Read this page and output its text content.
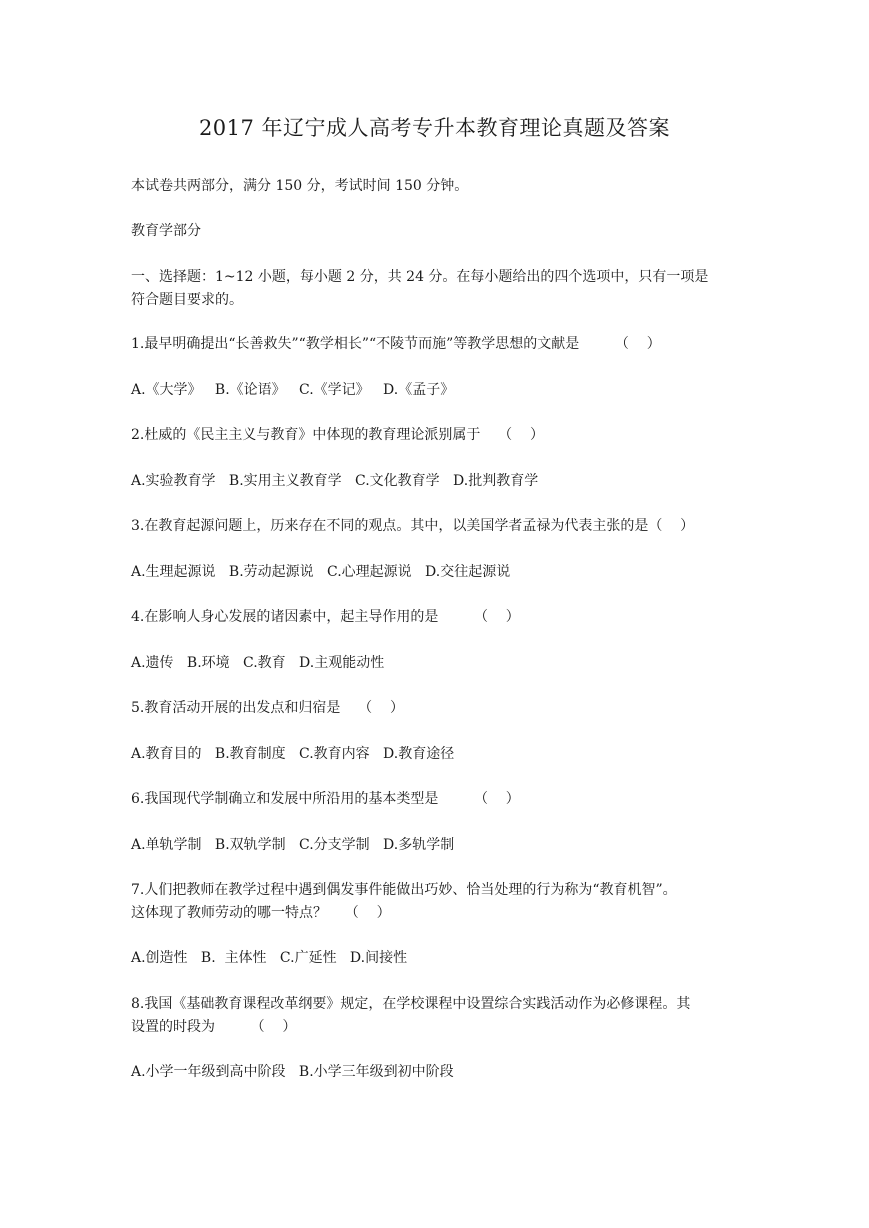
2017 年辽宁成人高考专升本教育理论真题及答案
本试卷共两部分，满分 150 分，考试时间 150 分钟。
教育学部分
一、选择题：1~12 小题，每小题 2 分，共 24 分。在每小题给出的四个选项中，只有一项是
符合题目要求的。
1.最早明确提出“长善救失”“教学相长”“不陵节而施”等教学思想的文献是        （    ）
A.《大学》   B.《论语》   C.《学记》   D.《孟子》
2.杜威的《民主主义与教育》中体现的教育理论派别属于    （    ）
A.实验教育学   B.实用主义教育学   C.文化教育学   D.批判教育学
3.在教育起源问题上，历来存在不同的观点。其中，以美国学者孟禄为代表主张的是（    ）
A.生理起源说   B.劳动起源说   C.心理起源说   D.交往起源说
4.在影响人身心发展的诸因素中，起主导作用的是        （    ）
A.遗传   B.环境   C.教育   D.主观能动性
5.教育活动开展的出发点和归宿是    （    ）
A.教育目的   B.教育制度   C.教育内容   D.教育途径
6.我国现代学制确立和发展中所沿用的基本类型是        （    ）
A.单轨学制   B.双轨学制   C.分支学制   D.多轨学制
7.人们把教师在教学过程中遇到偶发事件能做出巧妙、恰当处理的行为称为“教育机智”。
这体现了教师劳动的哪一特点？    （    ）
A.创造性   B.  主体性   C.广延性   D.间接性
8.我国《基础教育课程改革纲要》规定，在学校课程中设置综合实践活动作为必修课程。其
设置的时段为        （    ）
A.小学一年级到高中阶段   B.小学三年级到初中阶段
